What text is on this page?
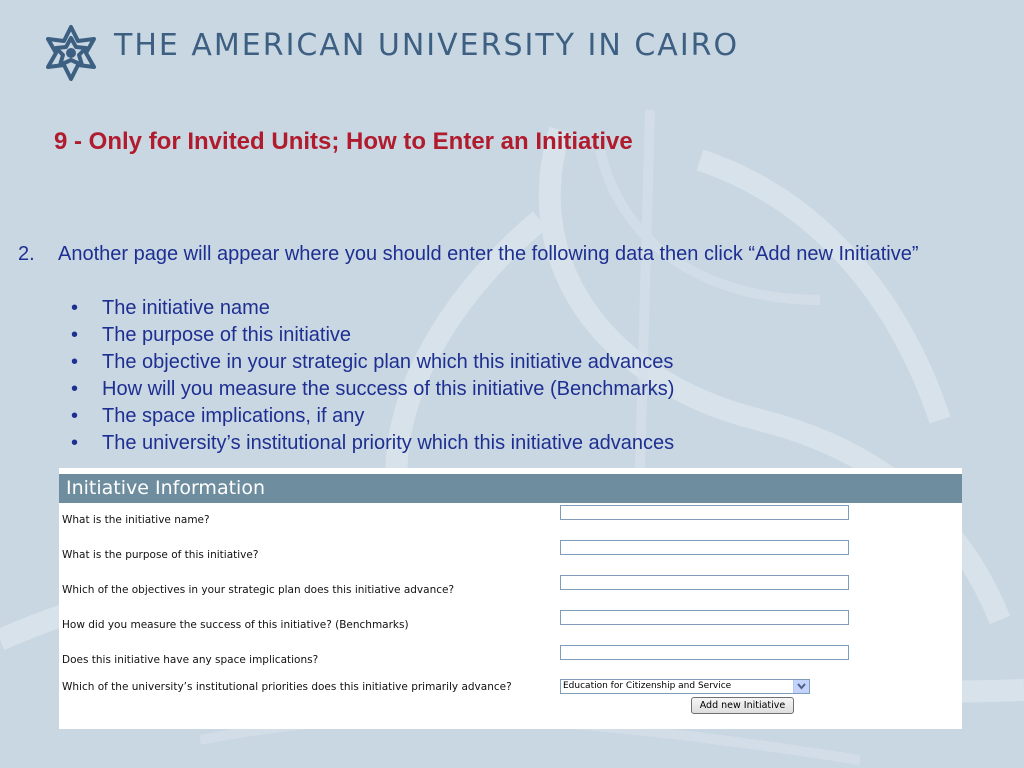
THE AMERICAN UNIVERSITY IN CAIRO
9 - Only for Invited Units; How to Enter an Initiative
2. Another page will appear where you should enter the following data then click “Add new Initiative”
• The initiative name
• The purpose of this initiative
• The objective in your strategic plan which this initiative advances
• How will you measure the success of this initiative (Benchmarks)
• The space implications, if any
• The university’s institutional priority which this initiative advances
Initiative Information
What is the initiative name?
What is the purpose of this initiative?
Which of the objectives in your strategic plan does this initiative advance?
How did you measure the success of this initiative? (Benchmarks)
Does this initiative have any space implications?
Which of the university’s institutional priorities does this initiative primarily advance?	Education for Citizenship and Service
Add new Initiative
